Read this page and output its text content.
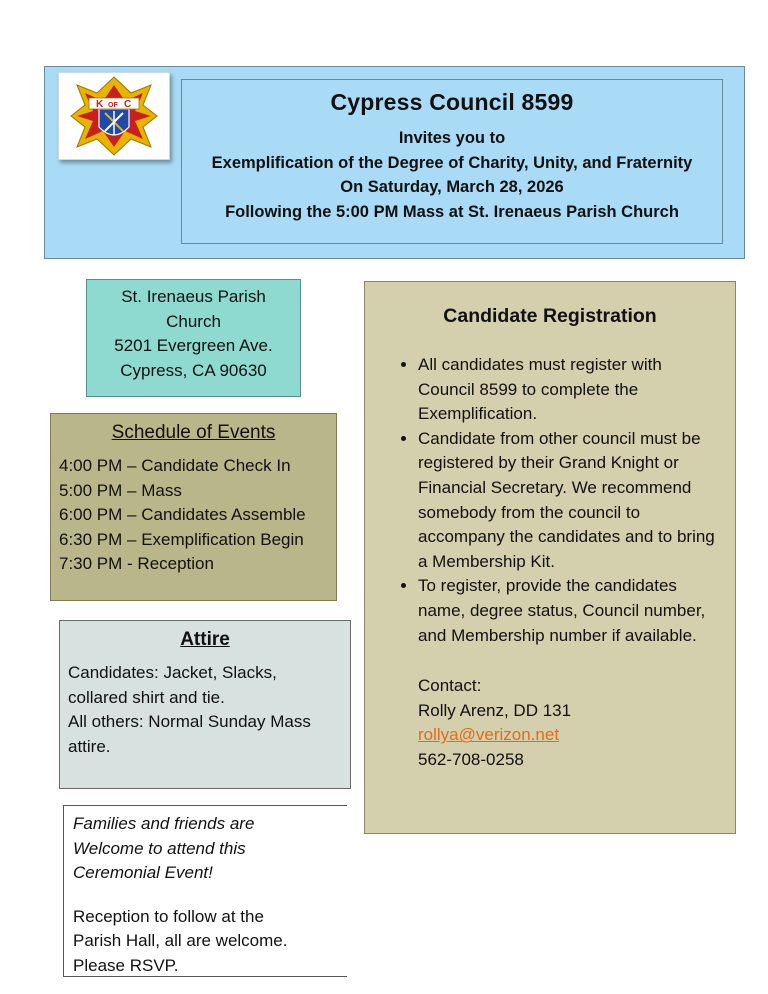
K OF C	Cypress Council 8599
Invites you to
Exemplification of the Degree of Charity, Unity, and Fraternity
On Saturday, March 28, 2026
Following the 5:00 PM Mass at St. Irenaeus Parish Church
St. Irenaeus Parish
Church
5201 Evergreen Ave.
Cypress, CA 90630
Schedule of Events
4:00 PM – Candidate Check In
5:00 PM – Mass
6:00 PM – Candidates Assemble
6:30 PM – Exemplification Begin
7:30 PM - Reception
Attire
Candidates: Jacket, Slacks, collared shirt and tie.
All others: Normal Sunday Mass attire.
Families and friends are Welcome to attend this Ceremonial Event!
Reception to follow at the Parish Hall, all are welcome. Please RSVP.
Candidate Registration
• All candidates must register with Council 8599 to complete the Exemplification.
• Candidate from other council must be registered by their Grand Knight or Financial Secretary. We recommend somebody from the council to accompany the candidates and to bring a Membership Kit.
• To register, provide the candidates name, degree status, Council number, and Membership number if available.
Contact:
Rolly Arenz, DD 131
rollya@verizon.net
562-708-0258
